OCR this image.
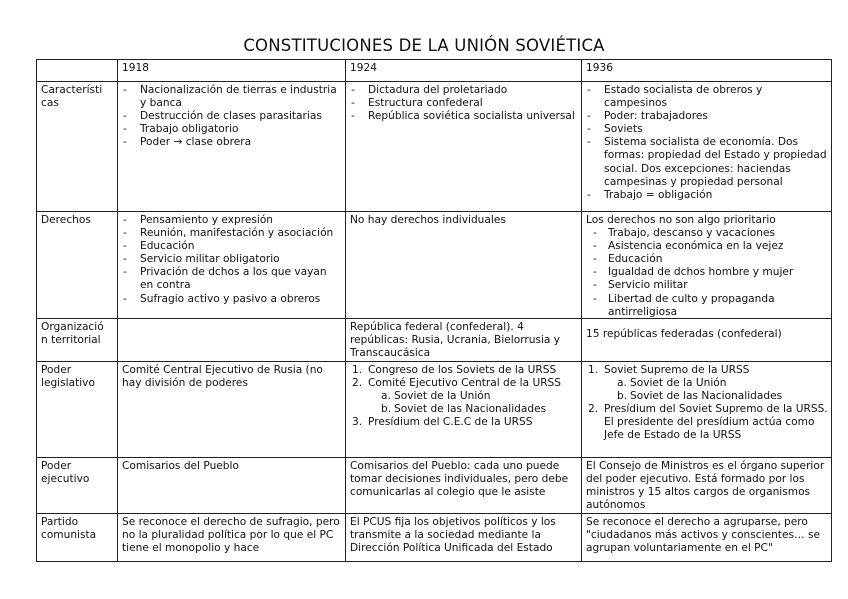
CONSTITUCIONES DE LA UNIÓN SOVIÉTICA
1918	1924	1936
Característi cas
- Nacionalización de tierras e industria y banca
- Destrucción de clases parasitarias
- Trabajo obligatorio
- Poder → clase obrera
- Dictadura del proletariado
- Estructura confederal
- República soviética socialista universal
- Estado socialista de obreros y campesinos
- Poder: trabajadores
- Soviets
- Sistema socialista de economía. Dos formas: propiedad del Estado y propiedad social. Dos excepciones: haciendas campesinas y propiedad personal
- Trabajo = obligación
Derechos
-	Pensamiento y expresión
- Reunión, manifestación y asociación
- Educación
- Servicio militar obligatorio
- Privación de dchos a los que vayan en contra
- Sufragio activo y pasivo a obreros
No hay derechos individuales	Los derechos no son algo prioritario
- Trabajo, descanso y vacaciones
- Asistencia económica en la vejez
- Educación
- Igualdad de dchos hombre y mujer
- Servicio militar
- Libertad de culto y propaganda antirreligiosa
Organizació n territorial
República federal (confederal). 4 repúblicas: Rusia, Ucrania, Bielorrusia y Transcaucásica
15 repúblicas federadas (confederal)
Poder legislativo
Comité Central Ejecutivo de Rusia (no hay división de poderes
1. Congreso de los Soviets de la URSS
2. Comité Ejecutivo Central de la URSS
a. Soviet de la Unión
b. Soviet de las Nacionalidades
3. Presídium del C.E.C de la URSS
1. Soviet Supremo de la URSS
a. Soviet de la Unión
b. Soviet de las Nacionalidades
2. Presídium del Soviet Supremo de la URSS. El presidente del presídium actúa como Jefe de Estado de la URSS
Poder ejecutivo
Comisarios del Pueblo	Comisarios del Pueblo: cada uno puede tomar decisiones individuales, pero debe comunicarlas al colegio que le asiste
El Consejo de Ministros es el órgano superior del poder ejecutivo. Está formado por los ministros y 15 altos cargos de organismos autónomos
Partido comunista
Se reconoce el derecho de sufragio, pero no la pluralidad política por lo que el PC tiene el monopolio y hace
El PCUS fija los objetivos políticos y los transmite a la sociedad mediante la Dirección Política Unificada del Estado
Se reconoce el derecho a agruparse, pero "ciudadanos más activos y conscientes… se agrupan voluntariamente en el PC"
